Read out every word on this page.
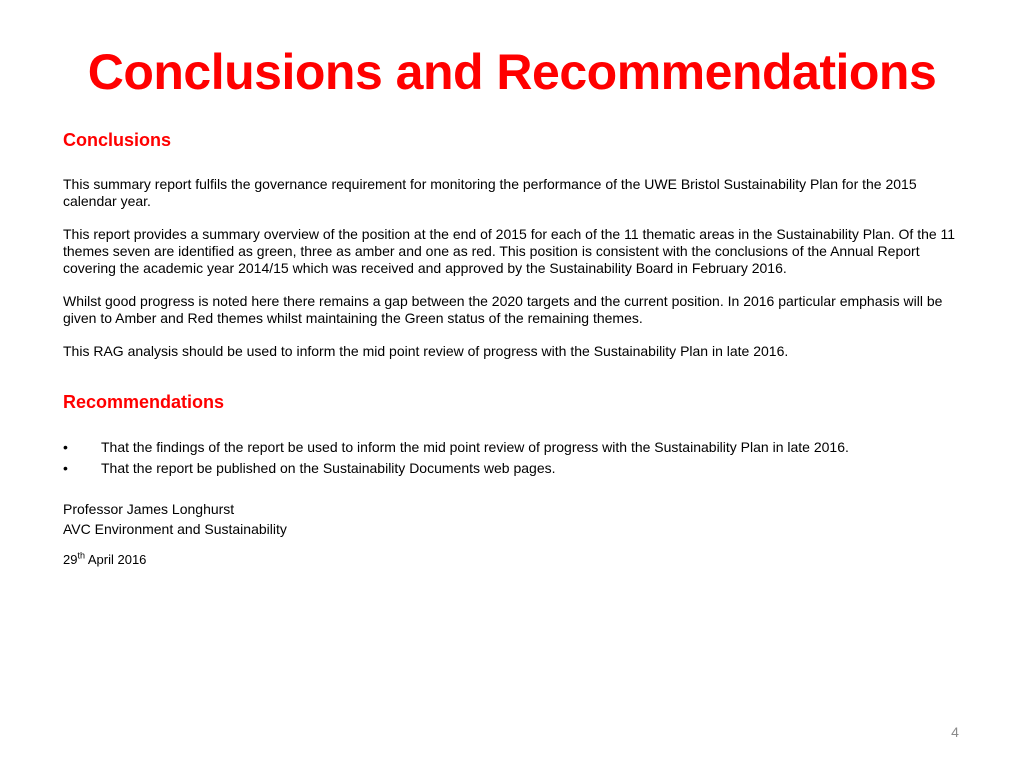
Conclusions and Recommendations
Conclusions

This summary report fulfils the governance requirement for monitoring the performance of the UWE Bristol Sustainability Plan for the 2015 calendar year.

This report provides a summary overview of the position at the end of 2015 for each of the 11 thematic areas in the Sustainability Plan. Of the 11 themes seven are identified as green, three as amber and one as red. This position is consistent with the conclusions of the Annual Report covering the academic year 2014/15 which was received and approved by the Sustainability Board in February 2016.

Whilst good progress is noted here there remains a gap between the 2020 targets and the current position. In 2016 particular emphasis will be given to Amber and Red themes whilst maintaining the Green status of the remaining themes.

This RAG analysis should be used to inform the mid point review of progress with the Sustainability Plan in late 2016.

Recommendations
• That the findings of the report be used to inform the mid point review of progress with the Sustainability Plan in late 2016.
• That the report be published on the Sustainability Documents web pages.
Professor James Longhurst
AVC Environment and Sustainability
29th April 2016
4
